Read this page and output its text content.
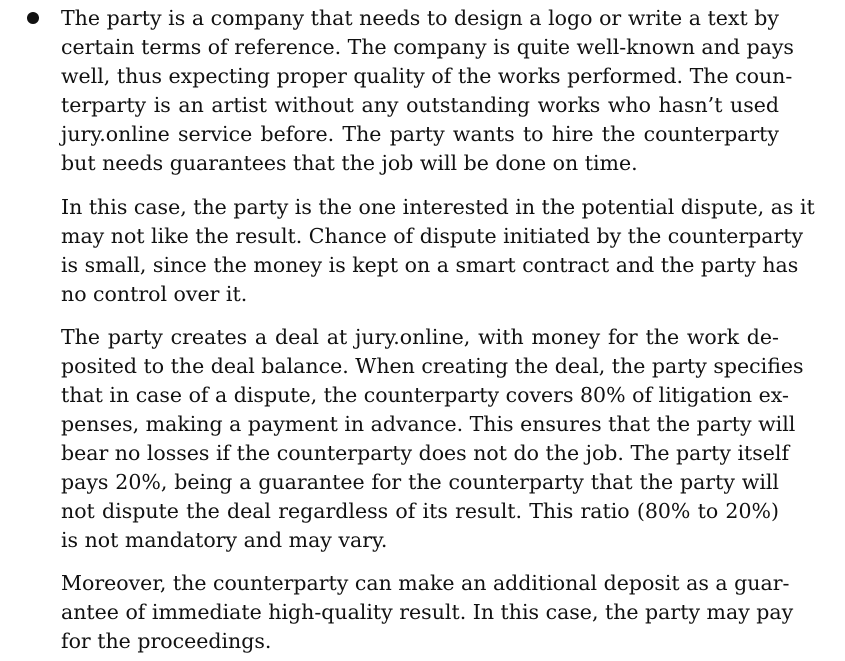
The party is a company that needs to design a logo or write a text by
certain terms of reference. The company is quite well-known and pays
well, thus expecting proper quality of the works performed. The coun-
terparty is an artist without any outstanding works who hasn’t used
jury.online service before. The party wants to hire the counterparty
but needs guarantees that the job will be done on time.
In this case, the party is the one interested in the potential dispute, as it
may not like the result. Chance of dispute initiated by the counterparty
is small, since the money is kept on a smart contract and the party has
no control over it.
The party creates a deal at jury.online, with money for the work de-
posited to the deal balance. When creating the deal, the party specifies
that in case of a dispute, the counterparty covers 80% of litigation ex-
penses, making a payment in advance. This ensures that the party will
bear no losses if the counterparty does not do the job. The party itself
pays 20%, being a guarantee for the counterparty that the party will
not dispute the deal regardless of its result. This ratio (80% to 20%)
is not mandatory and may vary.
Moreover, the counterparty can make an additional deposit as a guar-
antee of immediate high-quality result. In this case, the party may pay
for the proceedings.
